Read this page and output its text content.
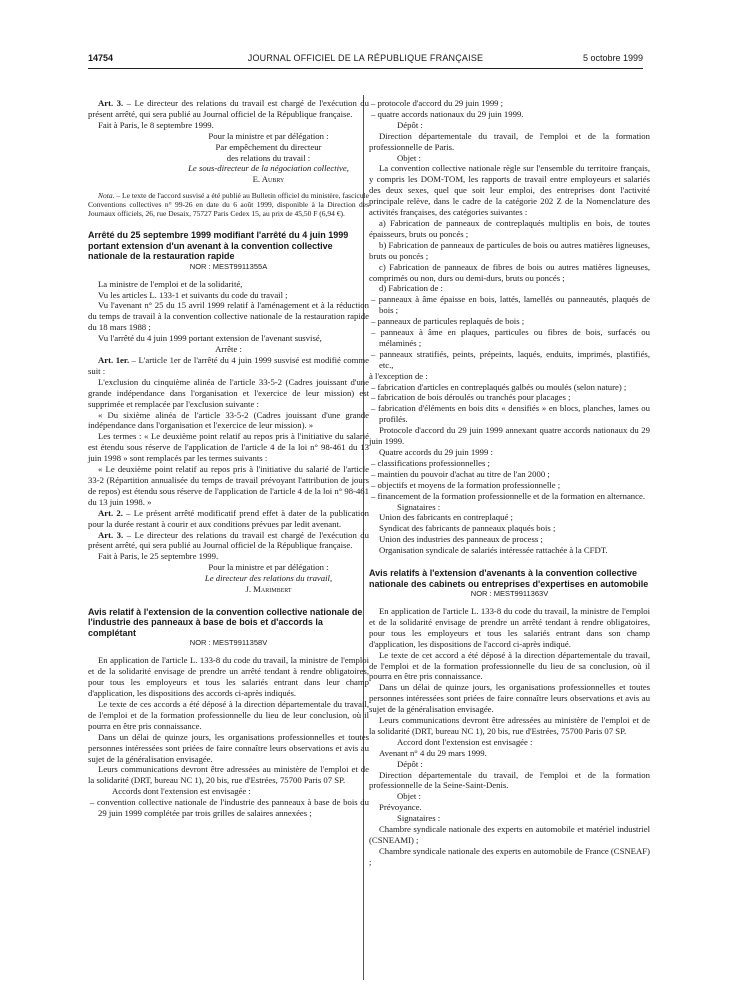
14754	JOURNAL OFFICIEL DE LA RÉPUBLIQUE FRANÇAISE	5 octobre 1999

Art. 3. – Le directeur des relations du travail est chargé de l'exécution du présent arrêté, qui sera publié au Journal officiel de la République française.

Fait à Paris, le 8 septembre 1999.

Pour la ministre et par délégation :

Par empêchement du directeur

des relations du travail :

Le sous-directeur de la négociation collective,

E. Aubry

Nota. – Le texte de l'accord susvisé a été publié au Bulletin officiel du ministère, fascicule Conventions collectives n° 99-26 en date du 6 août 1999, disponible à la Direction des Journaux officiels, 26, rue Desaix, 75727 Paris Cedex 15, au prix de 45,50 F (6,94 €).

Arrêté du 25 septembre 1999 modifiant l'arrêté du 4 juin 1999 portant extension d'un avenant à la convention collective nationale de la restauration rapide

NOR : MESТ9911355A

La ministre de l'emploi et de la solidarité,

Vu les articles L. 133-1 et suivants du code du travail ;

Vu l'avenant n° 25 du 15 avril 1999 relatif à l'aménagement et à la réduction du temps de travail à la convention collective nationale de la restauration rapide du 18 mars 1988 ;

Vu l'arrêté du 4 juin 1999 portant extension de l'avenant susvisé,

Arrête :

Art. 1er. – L'article 1er de l'arrêté du 4 juin 1999 susvisé est modifié comme suit :

L'exclusion du cinquième alinéa de l'article 33-5-2 (Cadres jouissant d'une grande indépendance dans l'organisation et l'exercice de leur mission) est supprimée et remplacée par l'exclusion suivante :

« Du sixième alinéa de l'article 33-5-2 (Cadres jouissant d'une grande indépendance dans l'organisation et l'exercice de leur mission). »

Les termes : « Le deuxième point relatif au repos pris à l'initiative du salarié est étendu sous réserve de l'application de l'article 4 de la loi n° 98-461 du 13 juin 1998 » sont remplacés par les termes suivants :

« Le deuxième point relatif au repos pris à l'initiative du salarié de l'article 33-2 (Répartition annualisée du temps de travail prévoyant l'attribution de jours de repos) est étendu sous réserve de l'application de l'article 4 de la loi n° 98-461 du 13 juin 1998. »

Art. 2. – Le présent arrêté modificatif prend effet à dater de la publication pour la durée restant à courir et aux conditions prévues par ledit avenant.

Art. 3. – Le directeur des relations du travail est chargé de l'exécution du présent arrêté, qui sera publié au Journal officiel de la République française.

Fait à Paris, le 25 septembre 1999.

Pour la ministre et par délégation :

Le directeur des relations du travail,

J. Marimbert

Avis relatif à l'extension de la convention collective nationale de l'industrie des panneaux à base de bois et d'accords la complétant

NOR : MEST9911358V

En application de l'article L. 133-8 du code du travail, la ministre de l'emploi et de la solidarité envisage de prendre un arrêté tendant à rendre obligatoires, pour tous les employeurs et tous les salariés entrant dans leur champ d'application, les dispositions des accords ci-après indiqués.

Le texte de ces accords a été déposé à la direction départementale du travail, de l'emploi et de la formation professionnelle du lieu de leur conclusion, où il pourra en être pris connaissance.

Dans un délai de quinze jours, les organisations professionnelles et toutes personnes intéressées sont priées de faire connaître leurs observations et avis au sujet de la généralisation envisagée.

Leurs communications devront être adressées au ministère de l'emploi et de la solidarité (DRT, bureau NC 1), 20 bis, rue d'Estrées, 75700 Paris 07 SP.

Accords dont l'extension est envisagée :

– convention collective nationale de l'industrie des panneaux à base de bois du 29 juin 1999 complétée par trois grilles de salaires annexées ;

– protocole d'accord du 29 juin 1999 ;

– quatre accords nationaux du 29 juin 1999.

Dépôt :

Direction départementale du travail, de l'emploi et de la formation professionnelle de Paris.

Objet :

La convention collective nationale règle sur l'ensemble du territoire français, y compris les DOM-TOM, les rapports de travail entre employeurs et salariés des deux sexes, quel que soit leur emploi, des entreprises dont l'activité principale relève, dans le cadre de la catégorie 202 Z de la Nomenclature des activités françaises, des catégories suivantes :

a) Fabrication de panneaux de contreplaqués multiplis en bois, de toutes épaisseurs, bruts ou poncés ;

b) Fabrication de panneaux de particules de bois ou autres matières ligneuses, bruts ou poncés ;

c) Fabrication de panneaux de fibres de bois ou autres matières ligneuses, comprimés ou non, durs ou demi-durs, bruts ou poncés ;

d) Fabrication de :

– panneaux à âme épaisse en bois, lattés, lamellés ou panneautés, plaqués de bois ;

– panneaux de particules replaqués de bois ;

– panneaux à âme en plaques, particules ou fibres de bois, surfacés ou mélaminés ;

– panneaux stratifiés, peints, prépeints, laqués, enduits, imprimés, plastifiés, etc.,

à l'exception de :

– fabrication d'articles en contreplaqués galbés ou moulés (selon nature) ;

– fabrication de bois déroulés ou tranchés pour placages ;

– fabrication d'éléments en bois dits « densifiés » en blocs, planches, lames ou profilés.

Protocole d'accord du 29 juin 1999 annexant quatre accords nationaux du 29 juin 1999.

Quatre accords du 29 juin 1999 :

– classifications professionnelles ;

– maintien du pouvoir d'achat au titre de l'an 2000 ;

– objectifs et moyens de la formation professionnelle ;

– financement de la formation professionnelle et de la formation en alternance.

Signataires :

Union des fabricants en contreplaqué ;

Syndicat des fabricants de panneaux plaqués bois ;

Union des industries des panneaux de process ;

Organisation syndicale de salariés intéressée rattachée à la CFDT.

Avis relatifs à l'extension d'avenants à la convention collective nationale des cabinets ou entreprises d'expertises en automobile

NOR : MEST9911363V

En application de l'article L. 133-8 du code du travail, la ministre de l'emploi et de la solidarité envisage de prendre un arrêté tendant à rendre obligatoires, pour tous les employeurs et tous les salariés entrant dans son champ d'application, les dispositions de l'accord ci-après indiqué.

Le texte de cet accord a été déposé à la direction départementale du travail, de l'emploi et de la formation professionnelle du lieu de sa conclusion, où il pourra en être pris connaissance.

Dans un délai de quinze jours, les organisations professionnelles et toutes personnes intéressées sont priées de faire connaître leurs observations et avis au sujet de la généralisation envisagée.

Leurs communications devront être adressées au ministère de l'emploi et de la solidarité (DRT, bureau NC 1), 20 bis, rue d'Estrées, 75700 Paris 07 SP.

Accord dont l'extension est envisagée :

Avenant n° 4 du 29 mars 1999.

Dépôt :

Direction départementale du travail, de l'emploi et de la formation professionnelle de la Seine-Saint-Denis.

Objet :

Prévoyance.

Signataires :

Chambre syndicale nationale des experts en automobile et matériel industriel (CSNEAMI) ;

Chambre syndicale nationale des experts en automobile de France (CSNEAF) ;
